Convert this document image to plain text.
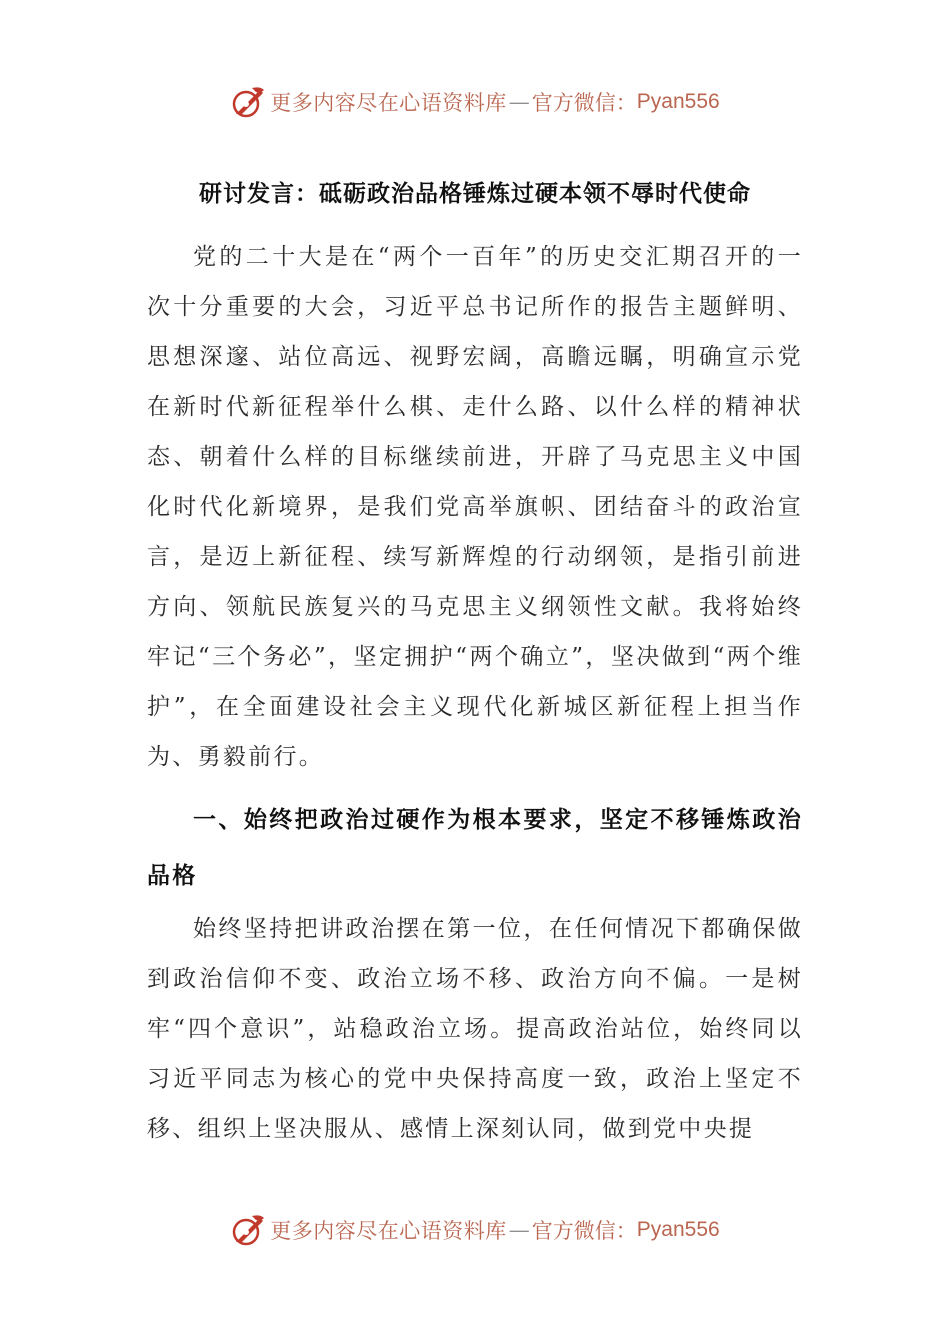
更多内容尽在心语资料库 — 官方微信： Pyan556
研讨发言：砥砺政治品格锤炼过硬本领不辱时代使命

党的二十大是在“两个一百年”的历史交汇期召开的一次十分重要的大会，习近平总书记所作的报告主题鲜明、思想深邃、站位高远、视野宏阔，高瞻远瞩，明确宣示党在新时代新征程举什么棋、走什么路、以什么样的精神状态、朝着什么样的目标继续前进，开辟了马克思主义中国化时代化新境界，是我们党高举旗帜、团结奋斗的政治宣言，是迈上新征程、续写新辉煌的行动纲领，是指引前进方向、领航民族复兴的马克思主义纲领性文献。我将始终牢记“三个务必”，坚定拥护“两个确立”，坚决做到“两个维护”，在全面建设社会主义现代化新城区新征程上担当作为、勇毅前行。

一、始终把政治过硬作为根本要求，坚定不移锤炼政治品格

始终坚持把讲政治摆在第一位，在任何情况下都确保做到政治信仰不变、政治立场不移、政治方向不偏。一是树牢“四个意识”，站稳政治立场。提高政治站位，始终同以习近平同志为核心的党中央保持高度一致，政治上坚定不移、组织上坚决服从、感情上深刻认同，做到党中央提

更多内容尽在心语资料库 — 官方微信： Pyan556
